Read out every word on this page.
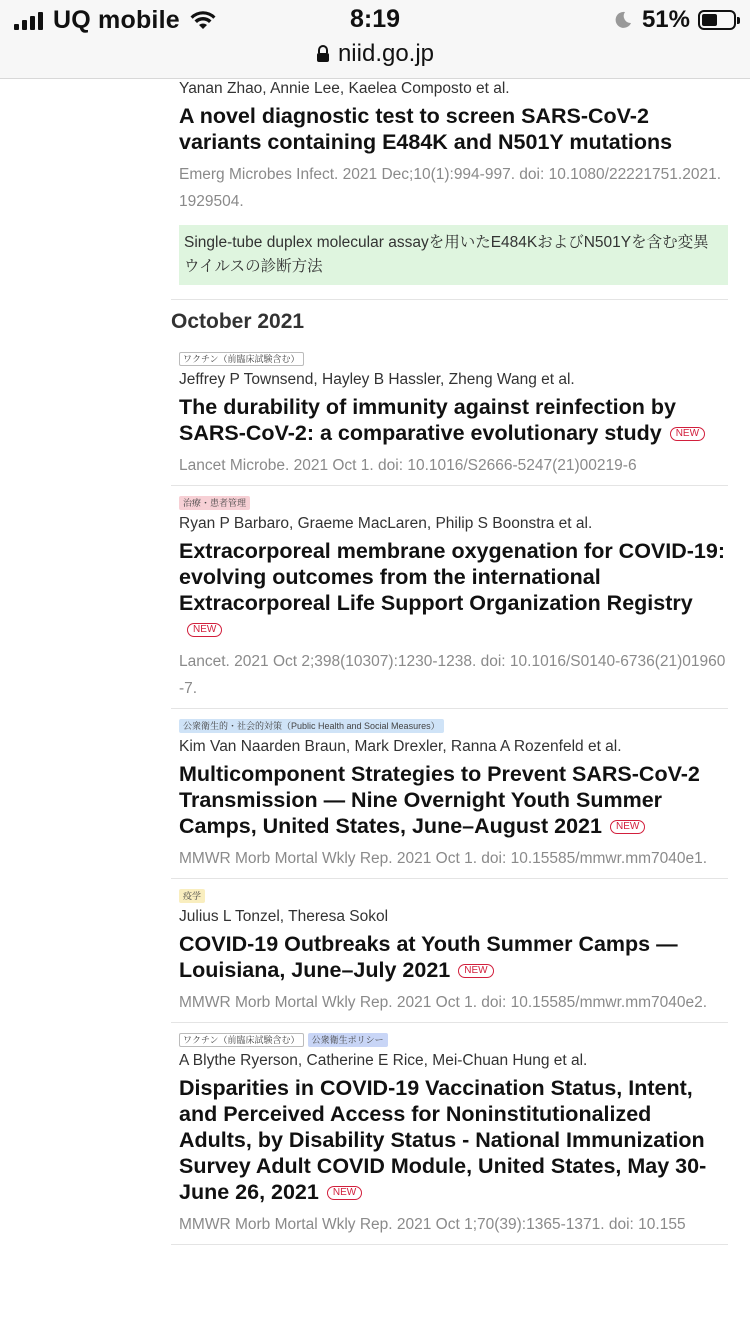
UQ mobile	8:19	51%
niid.go.jp

Yanan Zhao, Annie Lee, Kaelea Composto et al.

A novel diagnostic test to screen SARS-CoV-2 variants containing E484K and N501Y mutations
Emerg Microbes Infect. 2021 Dec;10(1):994-997. doi: 10.1080/22221751.2021.1929504.
Single-tube duplex molecular assayを用いたE484KおよびN501Yを含む変異ウイルスの診断方法
October 2021
ワクチン（前臨床試験含む）

Jeffrey P Townsend, Hayley B Hassler, Zheng Wang et al.

The durability of immunity against reinfection by SARS-CoV-2: a comparative evolutionary study NEW
Lancet Microbe. 2021 Oct 1. doi: 10.1016/S2666-5247(21)00219-6
治療・患者管理

Ryan P Barbaro, Graeme MacLaren, Philip S Boonstra et al.

Extracorporeal membrane oxygenation for COVID-19: evolving outcomes from the international Extracorporeal Life Support Organization RegistryNEW
Lancet. 2021 Oct 2;398(10307):1230-1238. doi: 10.1016/S0140-6736(21)01960-7.
公衆衛生的・社会的対策（Public Health and Social Measures）

Kim Van Naarden Braun, Mark Drexler, Ranna A Rozenfeld et al.

Multicomponent Strategies to Prevent SARS-CoV-2 Transmission — Nine Overnight Youth Summer Camps, United States, June–August 2021 NEW
MMWR Morb Mortal Wkly Rep. 2021 Oct 1. doi: 10.15585/mmwr.mm7040e1.
疫学

Julius L Tonzel, Theresa Sokol

COVID-19 Outbreaks at Youth Summer Camps — Louisiana, June–July 2021 NEW
MMWR Morb Mortal Wkly Rep. 2021 Oct 1. doi: 10.15585/mmwr.mm7040e2.
ワクチン（前臨床試験含む）	公衆衛生ポリシー

A Blythe Ryerson, Catherine E Rice, Mei-Chuan Hung et al.

Disparities in COVID-19 Vaccination Status, Intent, and Perceived Access for Noninstitutionalized Adults, by Disability Status - National Immunization Survey Adult COVID Module, United States, May 30-June 26, 2021 NEW
MMWR Morb Mortal Wkly Rep. 2021 Oct 1;70(39):1365-1371. doi: 10.155
